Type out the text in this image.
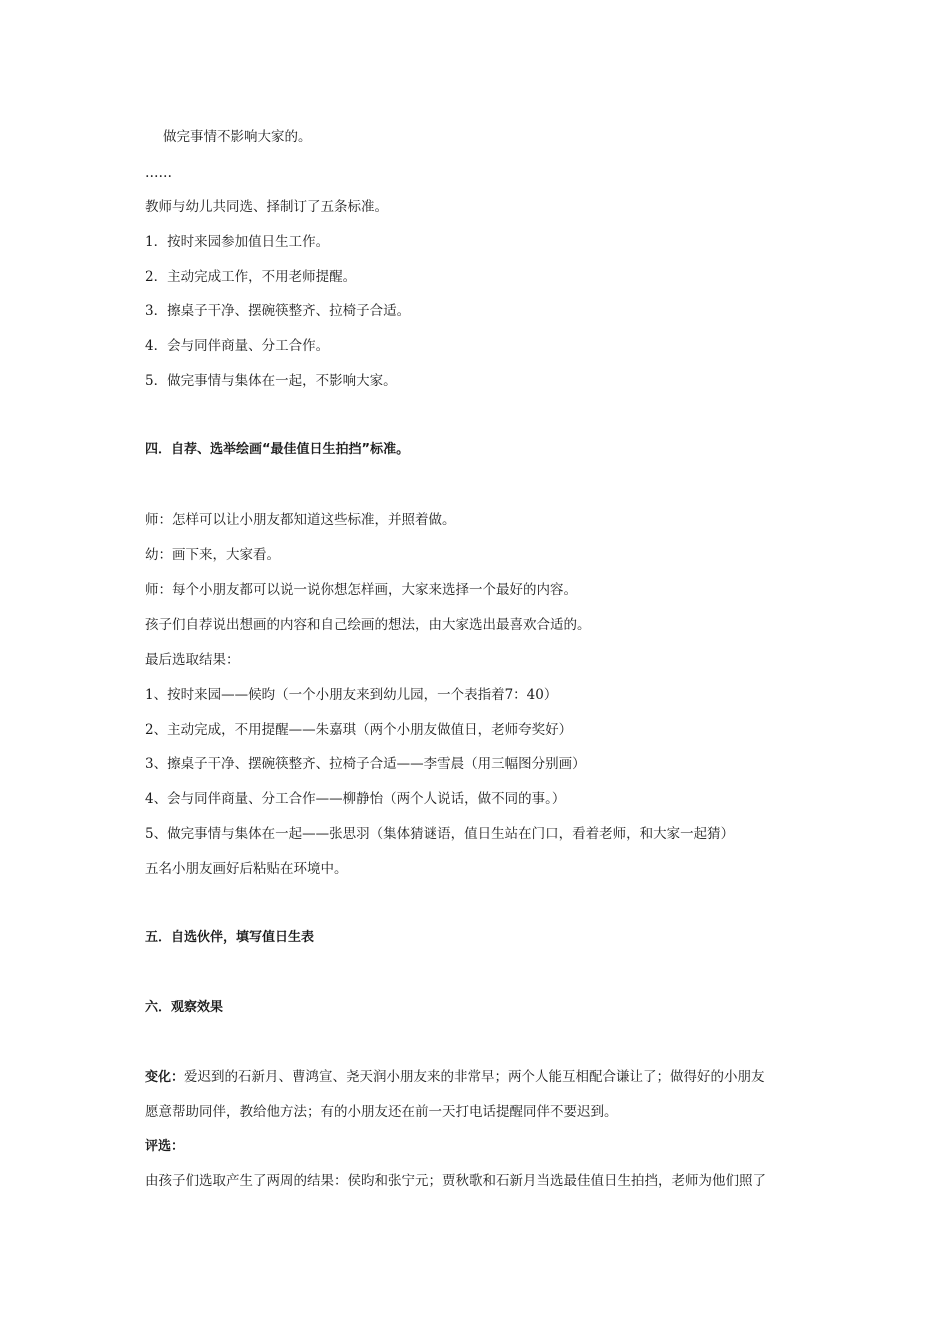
做完事情不影响大家的。
……
教师与幼儿共同选、择制订了五条标准。
1．按时来园参加值日生工作。
2．主动完成工作，不用老师提醒。
3．擦桌子干净、摆碗筷整齐、拉椅子合适。
4．会与同伴商量、分工合作。
5．做完事情与集体在一起，不影响大家。
四．自荐、选举绘画“最佳值日生拍挡”标准。
师：怎样可以让小朋友都知道这些标准，并照着做。
幼：画下来，大家看。
师：每个小朋友都可以说一说你想怎样画，大家来选择一个最好的内容。
孩子们自荐说出想画的内容和自己绘画的想法，由大家选出最喜欢合适的。
最后选取结果：
1、按时来园——候昀（一个小朋友来到幼儿园，一个表指着7：40）
2、主动完成，不用提醒——朱嘉琪（两个小朋友做值日，老师夸奖好）
3、擦桌子干净、摆碗筷整齐、拉椅子合适——李雪晨（用三幅图分别画）
4、会与同伴商量、分工合作——柳静怡（两个人说话，做不同的事。）
5、做完事情与集体在一起——张思羽（集体猜谜语，值日生站在门口，看着老师，和大家一起猜）
五名小朋友画好后粘贴在环境中。
五．自选伙伴，填写值日生表
六．观察效果
变化：爱迟到的石新月、曹鸿宣、尧天润小朋友来的非常早；两个人能互相配合谦让了；做得好的小朋友
愿意帮助同伴，教给他方法；有的小朋友还在前一天打电话提醒同伴不要迟到。
评选：
由孩子们选取产生了两周的结果：侯昀和张宁元；贾秋歌和石新月当选最佳值日生拍挡，老师为他们照了
